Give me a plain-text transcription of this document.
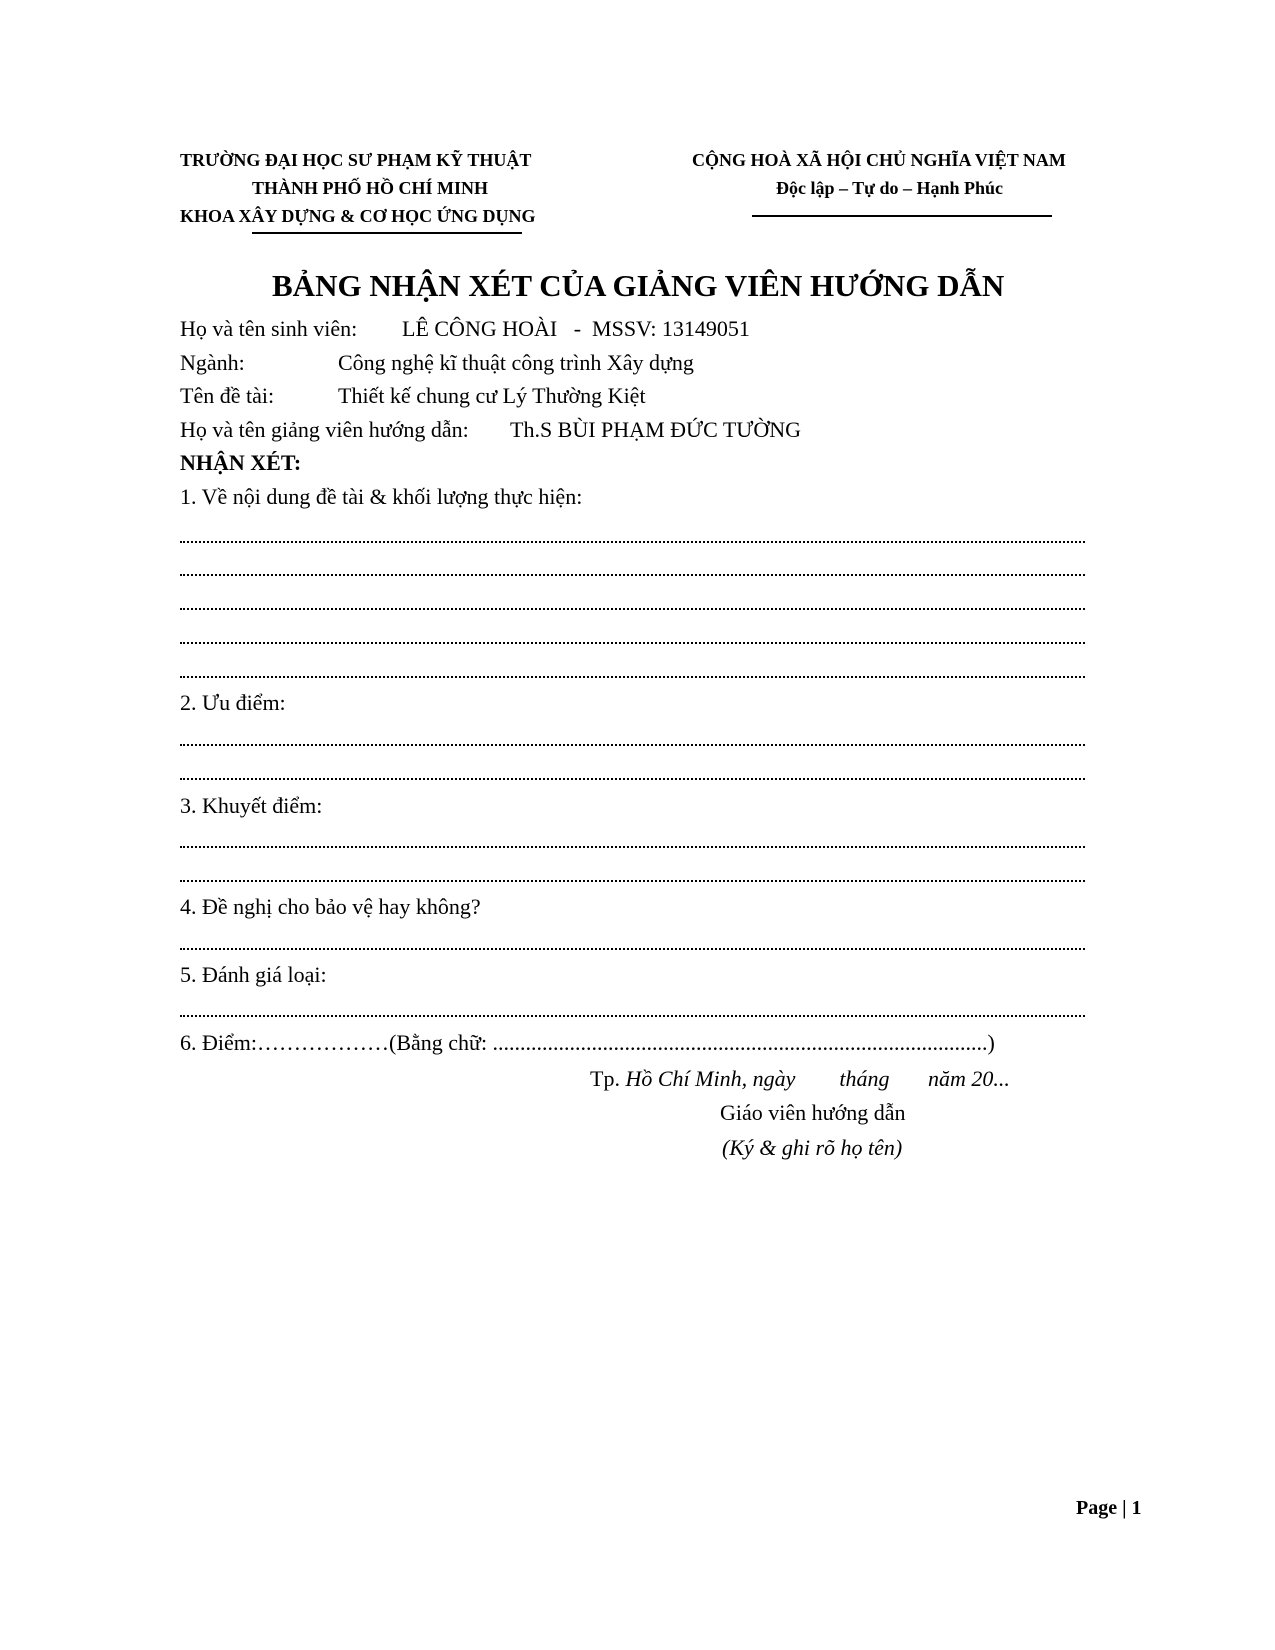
TRƯỜNG ĐẠI HỌC SƯ PHẠM KỸ THUẬT
THÀNH PHỐ HỒ CHÍ MINH
KHOA XÂY DỰNG & CƠ HỌC ỨNG DỤNG
CỘNG HOÀ XÃ HỘI CHỦ NGHĨA VIỆT NAM
Độc lập – Tự do – Hạnh Phúc
BẢNG NHẬN XÉT CỦA GIẢNG VIÊN HƯỚNG DẪN
Họ và tên sinh viên: LÊ CÔNG HOÀI   -  MSSV: 13149051
Ngành:	Công nghệ kĩ thuật công trình Xây dựng
Tên đề tài:	Thiết kế chung cư Lý Thường Kiệt
Họ và tên giảng viên hướng dẫn: Th.S BÙI PHẠM ĐỨC TƯỜNG
NHẬN XÉT:
1. Về nội dung đề tài & khối lượng thực hiện:
2. Ưu điểm:
3. Khuyết điểm:
4. Đề nghị cho bảo vệ hay không?
5. Đánh giá loại:
6. Điểm:………………(Bằng chữ: ..........................................................................................)
Tp. Hồ Chí Minh, ngày        tháng       năm 20...
Giáo viên hướng dẫn
(Ký & ghi rõ họ tên)
Page | 1
